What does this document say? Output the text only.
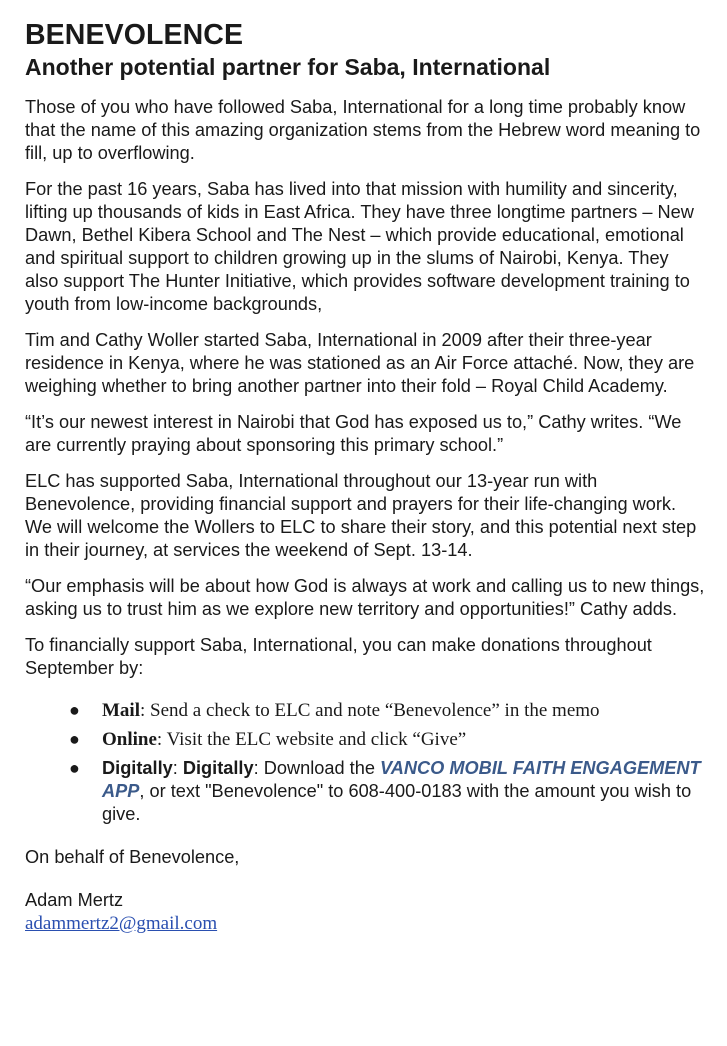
BENEVOLENCE
Another potential partner for Saba, International

Those of you who have followed Saba, International for a long time probably know that the name of this amazing organization stems from the Hebrew word meaning to fill, up to overflowing.

For the past 16 years, Saba has lived into that mission with humility and sincerity, lifting up thousands of kids in East Africa. They have three longtime partners – New Dawn, Bethel Kibera School and The Nest – which provide educational, emotional and spiritual support to children growing up in the slums of Nairobi, Kenya. They also support The Hunter Initiative, which provides software development training to youth from low-income backgrounds,

Tim and Cathy Woller started Saba, International in 2009 after their three-year residence in Kenya, where he was stationed as an Air Force attaché. Now, they are weighing whether to bring another partner into their fold – Royal Child Academy.

“It’s our newest interest in Nairobi that God has exposed us to,” Cathy writes. “We are currently praying about sponsoring this primary school.”

ELC has supported Saba, International throughout our 13-year run with Benevolence, providing financial support and prayers for their life-changing work. We will welcome the Wollers to ELC to share their story, and this potential next step in their journey, at services the weekend of Sept. 13-14.

“Our emphasis will be about how God is always at work and calling us to new things, asking us to trust him as we explore new territory and opportunities!” Cathy adds.

To financially support Saba, International, you can make donations throughout September by:

● Mail: Send a check to ELC and note “Benevolence” in the memo
● Online: Visit the ELC website and click “Give”
● Digitally: Digitally: Download the VANCO MOBIL FAITH ENGAGEMENT APP, or text "Benevolence" to 608-400-0183 with the amount you wish to give.

On behalf of Benevolence,

Adam Mertz

adammertz2@gmail.com
